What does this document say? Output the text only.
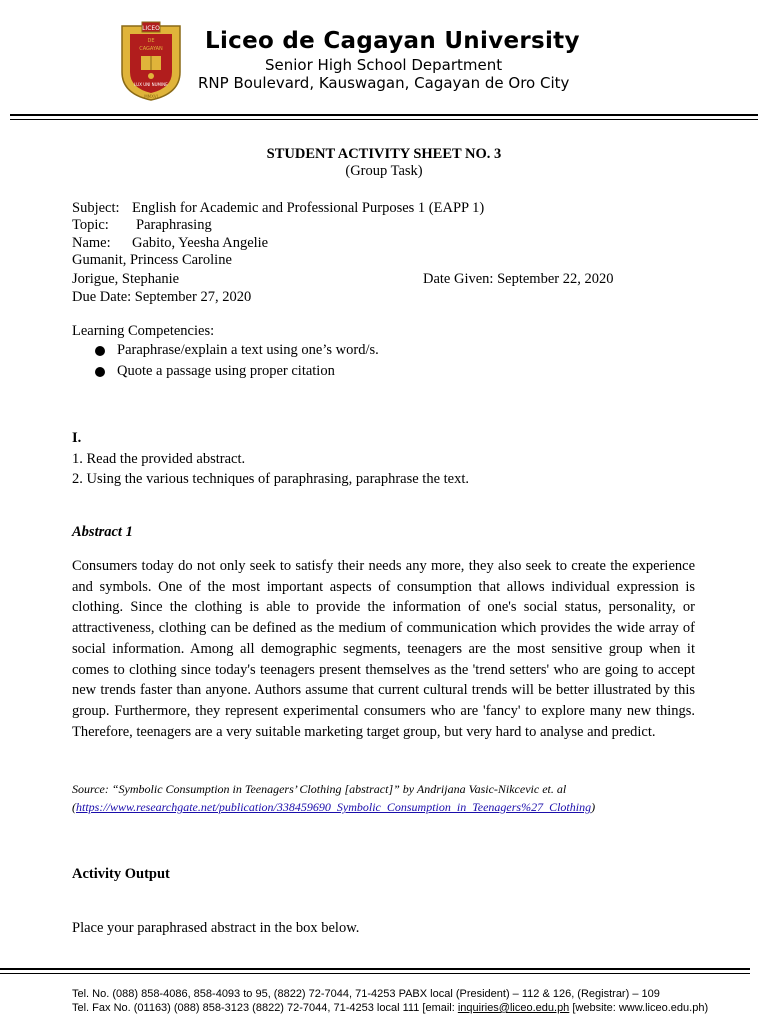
LICEO
DE
CAGAYAN
LUX UNI NUMINE
MMXVI
Liceo de Cagayan University
Senior High School Department
RNP Boulevard, Kauswagan, Cagayan de Oro City
STUDENT ACTIVITY SHEET NO. 3
(Group Task)
Subject: English for Academic and Professional Purposes 1 (EAPP 1)
Topic: Paraphrasing
Name: Gabito, Yeesha Angelie
Gumanit, Princess Caroline
Jorigue, Stephanie	Date Given: September 22, 2020
Due Date: September 27, 2020
Learning Competencies:
Paraphrase/explain a text using one’s word/s.
Quote a passage using proper citation
I.
1. Read the provided abstract.
2. Using the various techniques of paraphrasing, paraphrase the text.
Abstract 1
Consumers today do not only seek to satisfy their needs any more, they also seek to create the experience and symbols. One of the most important aspects of consumption that allows individual expression is clothing. Since the clothing is able to provide the information of one's social status, personality, or attractiveness, clothing can be defined as the medium of communication which provides the wide array of social information. Among all demographic segments, teenagers are the most sensitive group when it comes to clothing since today's teenagers present themselves as the 'trend setters' who are going to accept new trends faster than anyone. Authors assume that current cultural trends will be better illustrated by this group. Furthermore, they represent experimental consumers who are 'fancy' to explore many new things. Therefore, teenagers are a very suitable marketing target group, but very hard to analyse and predict.
Source: “Symbolic Consumption in Teenagers’ Clothing [abstract]” by Andrijana Vasic-Nikcevic et. al
(https://www.researchgate.net/publication/338459690_Symbolic_Consumption_in_Teenagers%27_Clothing)
Activity Output
Place your paraphrased abstract in the box below.
Tel. No. (088) 858-4086, 858-4093 to 95, (8822) 72-7044, 71-4253 PABX local (President) – 112 & 126, (Registrar) – 109
Tel. Fax No. (01163) (088) 858-3123 (8822) 72-7044, 71-4253 local 111 [email: inquiries@liceo.edu.ph [website: www.liceo.edu.ph)
